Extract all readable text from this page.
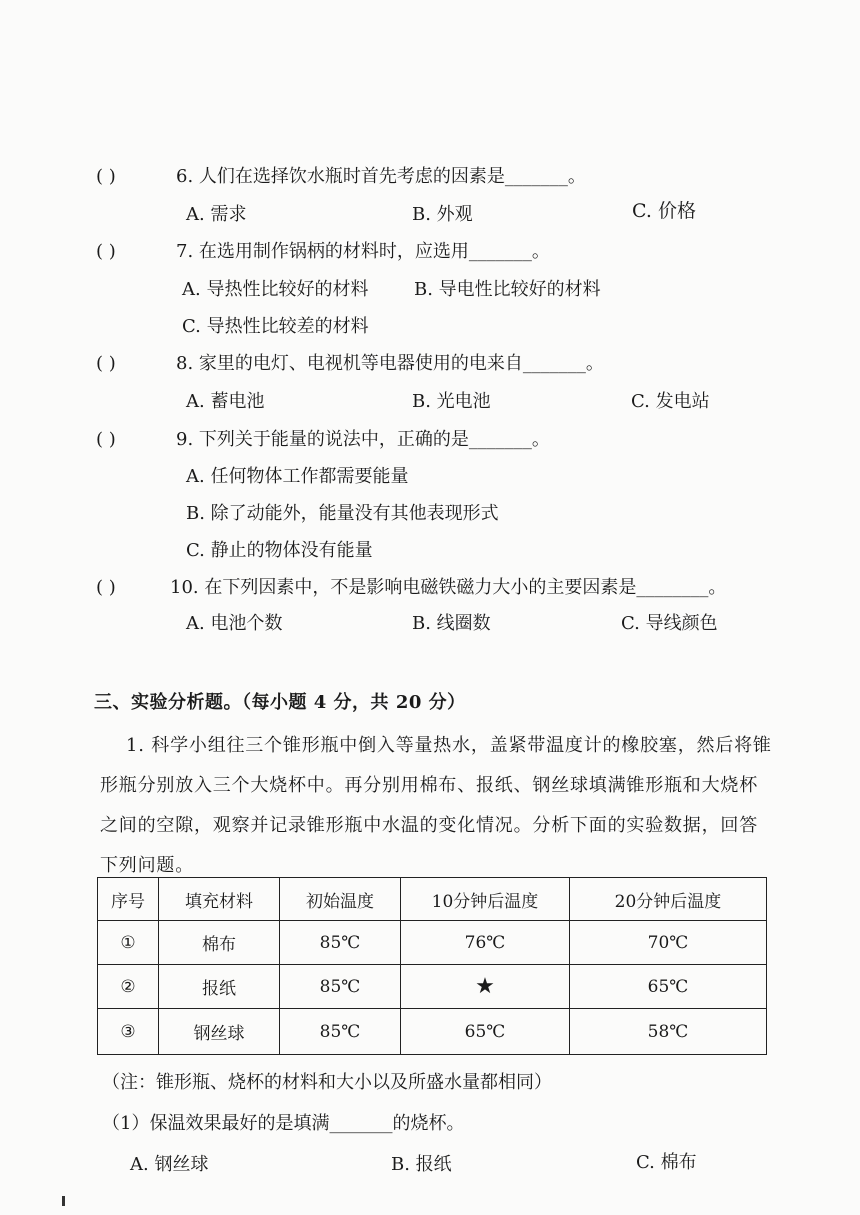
( )	6. 人们在选择饮水瓶时首先考虑的因素是_______。
A. 需求	B. 外观	C. 价格
( )	7. 在选用制作锅柄的材料时，应选用_______。
A. 导热性比较好的材料	B. 导电性比较好的材料
C. 导热性比较差的材料
( )	8. 家里的电灯、电视机等电器使用的电来自_______。
A. 蓄电池	B. 光电池	C. 发电站
( )	9. 下列关于能量的说法中，正确的是_______。
A. 任何物体工作都需要能量
B. 除了动能外，能量没有其他表现形式
C. 静止的物体没有能量
( )	10. 在下列因素中，不是影响电磁铁磁力大小的主要因素是________。
A. 电池个数	B. 线圈数	C. 导线颜色
三、实验分析题。（每小题 4 分，共 20 分）
1. 科学小组往三个锥形瓶中倒入等量热水，盖紧带温度计的橡胶塞，然后将锥形瓶分别放入三个大烧杯中。再分别用棉布、报纸、钢丝球填满锥形瓶和大烧杯之间的空隙，观察并记录锥形瓶中水温的变化情况。分析下面的实验数据，回答下列问题。
序号	填充材料	初始温度	10分钟后温度	20分钟后温度
①	棉布	85℃	76℃	70℃
②	报纸	85℃	★	65℃
③	钢丝球	85℃	65℃	58℃
（注：锥形瓶、烧杯的材料和大小以及所盛水量都相同）
（1）保温效果最好的是填满_______的烧杯。
A. 钢丝球	B. 报纸	C. 棉布
